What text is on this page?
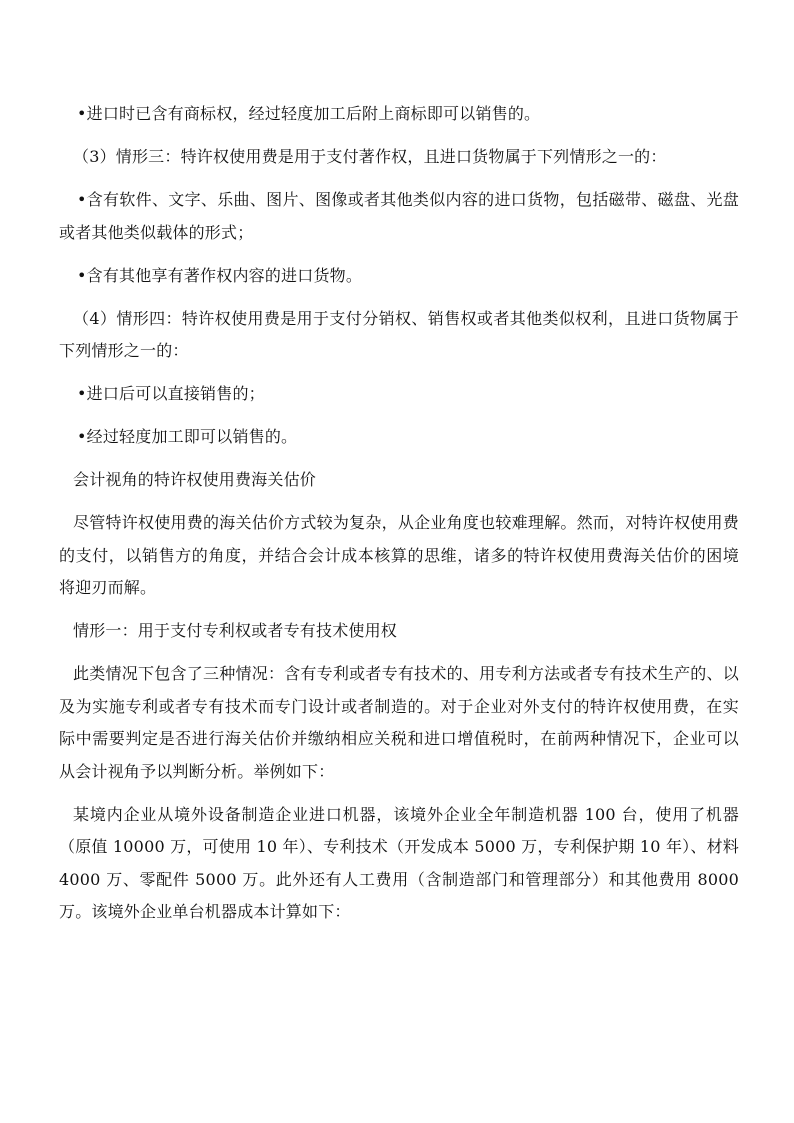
•进口时已含有商标权，经过轻度加工后附上商标即可以销售的。

（3）情形三：特许权使用费是用于支付著作权，且进口货物属于下列情形之一的：

•含有软件、文字、乐曲、图片、图像或者其他类似内容的进口货物，包括磁带、磁盘、光盘或者其他类似载体的形式；

•含有其他享有著作权内容的进口货物。

（4）情形四：特许权使用费是用于支付分销权、销售权或者其他类似权利，且进口货物属于下列情形之一的：

•进口后可以直接销售的；

•经过轻度加工即可以销售的。

会计视角的特许权使用费海关估价

尽管特许权使用费的海关估价方式较为复杂，从企业角度也较难理解。然而，对特许权使用费的支付，以销售方的角度，并结合会计成本核算的思维，诸多的特许权使用费海关估价的困境将迎刃而解。

情形一：用于支付专利权或者专有技术使用权

此类情况下包含了三种情况：含有专利或者专有技术的、用专利方法或者专有技术生产的、以及为实施专利或者专有技术而专门设计或者制造的。对于企业对外支付的特许权使用费，在实际中需要判定是否进行海关估价并缴纳相应关税和进口增值税时，在前两种情况下，企业可以从会计视角予以判断分析。举例如下：

某境内企业从境外设备制造企业进口机器，该境外企业全年制造机器 100 台，使用了机器（原值 10000 万，可使用 10 年）、专利技术（开发成本 5000 万，专利保护期 10 年）、材料 4000 万、零配件 5000 万。此外还有人工费用（含制造部门和管理部分）和其他费用 8000 万。该境外企业单台机器成本计算如下：
